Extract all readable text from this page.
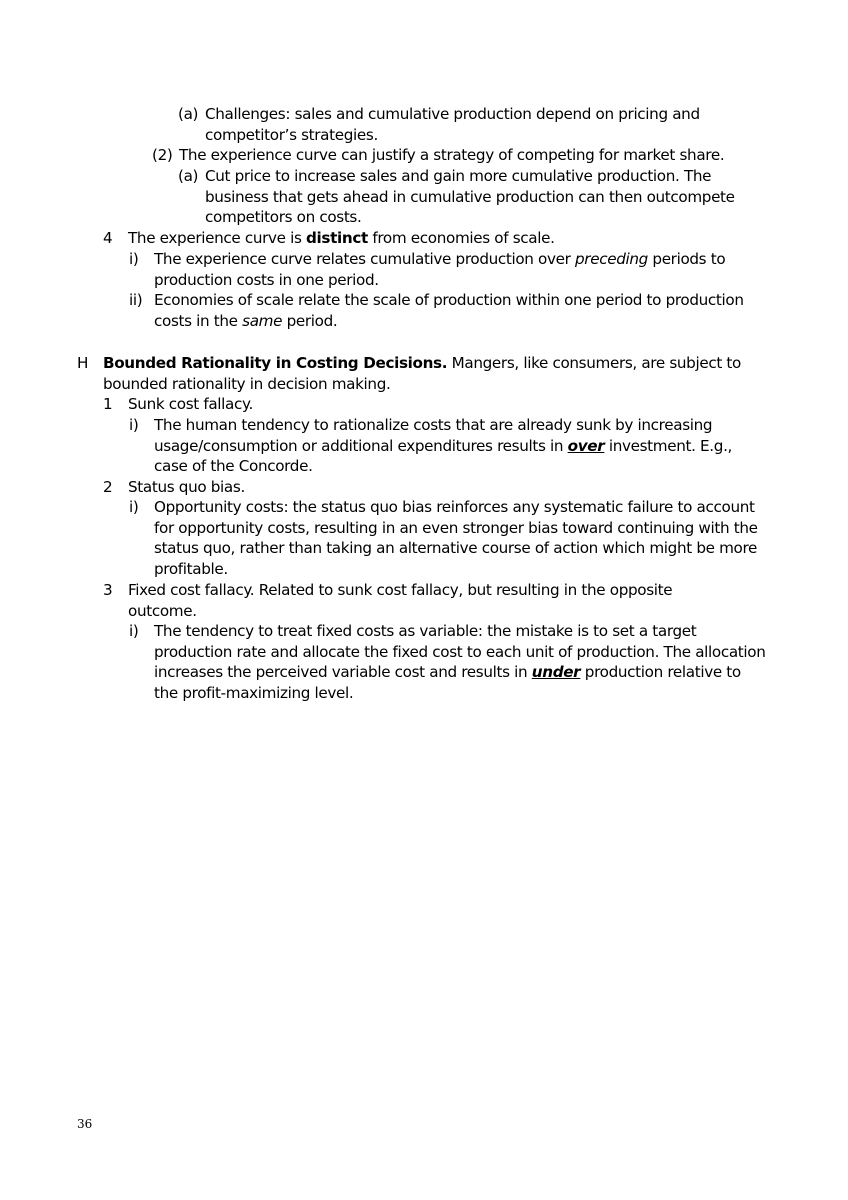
(a) Challenges: sales and cumulative production depend on pricing and competitor’s strategies.
(2) The experience curve can justify a strategy of competing for market share.
(a) Cut price to increase sales and gain more cumulative production. The business that gets ahead in cumulative production can then outcompete competitors on costs.
4 The experience curve is distinct from economies of scale.
i) The experience curve relates cumulative production over preceding periods to production costs in one period.
ii) Economies of scale relate the scale of production within one period to production costs in the same period.
H Bounded Rationality in Costing Decisions. Mangers, like consumers, are subject to bounded rationality in decision making.
1 Sunk cost fallacy.
i) The human tendency to rationalize costs that are already sunk by increasing usage/consumption or additional expenditures results in over investment. E.g., case of the Concorde.
2 Status quo bias.
i) Opportunity costs: the status quo bias reinforces any systematic failure to account for opportunity costs, resulting in an even stronger bias toward continuing with the status quo, rather than taking an alternative course of action which might be more profitable.
3 Fixed cost fallacy. Related to sunk cost fallacy, but resulting in the opposite outcome.
i) The tendency to treat fixed costs as variable: the mistake is to set a target production rate and allocate the fixed cost to each unit of production. The allocation increases the perceived variable cost and results in under production relative to the profit-maximizing level.
36
